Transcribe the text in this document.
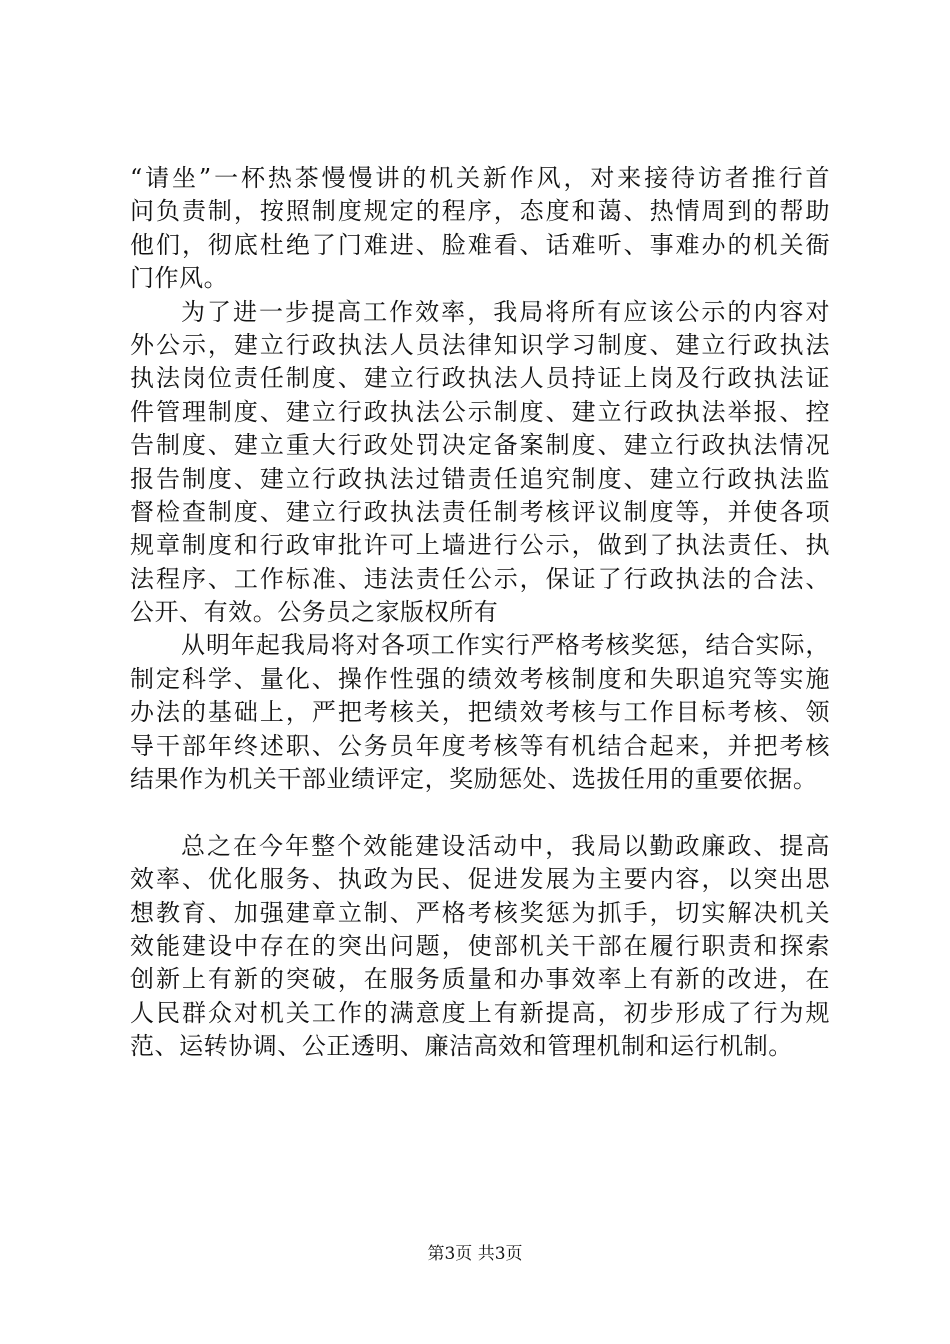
“请坐”一杯热茶慢慢讲的机关新作风，对来接待访者推行首
问负责制，按照制度规定的程序，态度和蔼、热情周到的帮助
他们，彻底杜绝了门难进、脸难看、话难听、事难办的机关衙
门作风。
为了进一步提高工作效率，我局将所有应该公示的内容对
外公示，建立行政执法人员法律知识学习制度、建立行政执法
执法岗位责任制度、建立行政执法人员持证上岗及行政执法证
件管理制度、建立行政执法公示制度、建立行政执法举报、控
告制度、建立重大行政处罚决定备案制度、建立行政执法情况
报告制度、建立行政执法过错责任追究制度、建立行政执法监
督检查制度、建立行政执法责任制考核评议制度等，并使各项
规章制度和行政审批许可上墙进行公示，做到了执法责任、执
法程序、工作标准、违法责任公示，保证了行政执法的合法、
公开、有效。公务员之家版权所有
从明年起我局将对各项工作实行严格考核奖惩，结合实际，
制定科学、量化、操作性强的绩效考核制度和失职追究等实施
办法的基础上，严把考核关，把绩效考核与工作目标考核、领
导干部年终述职、公务员年度考核等有机结合起来，并把考核
结果作为机关干部业绩评定，奖励惩处、选拔任用的重要依据。
总之在今年整个效能建设活动中，我局以勤政廉政、提高
效率、优化服务、执政为民、促进发展为主要内容，以突出思
想教育、加强建章立制、严格考核奖惩为抓手，切实解决机关
效能建设中存在的突出问题，使部机关干部在履行职责和探索
创新上有新的突破，在服务质量和办事效率上有新的改进，在
人民群众对机关工作的满意度上有新提高，初步形成了行为规
范、运转协调、公正透明、廉洁高效和管理机制和运行机制。
第3页 共3页
